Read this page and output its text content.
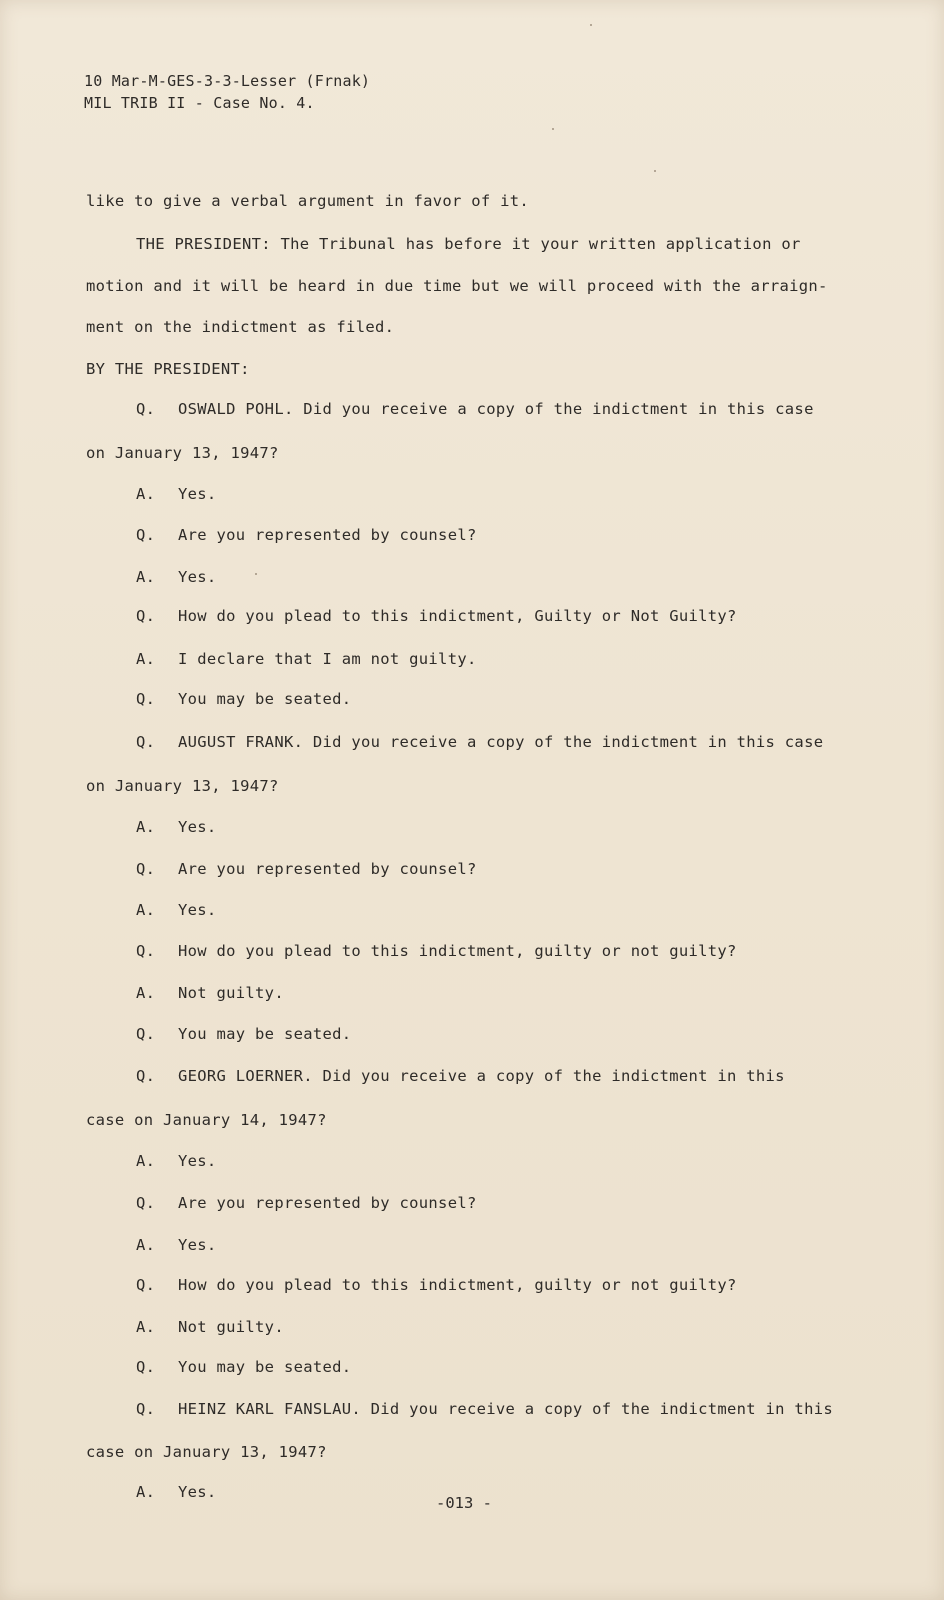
10 Mar-M-GES-3-3-Lesser (Frnak)
MIL TRIB II - Case No. 4.
like to give a verbal argument in favor of it.
THE PRESIDENT: The Tribunal has before it your written application or
motion and it will be heard in due time but we will proceed with the arraign-
ment on the indictment as filed.
BY THE PRESIDENT:
Q. OSWALD POHL. Did you receive a copy of the indictment in this case
on January 13, 1947?
A. Yes.
Q. Are you represented by counsel?
A. Yes.
Q. How do you plead to this indictment, Guilty or Not Guilty?
A. I declare that I am not guilty.
Q. You may be seated.
Q. AUGUST FRANK. Did you receive a copy of the indictment in this case
on January 13, 1947?
A. Yes.
Q. Are you represented by counsel?
A. Yes.
Q. How do you plead to this indictment, guilty or not guilty?
A. Not guilty.
Q. You may be seated.
Q. GEORG LOERNER. Did you receive a copy of the indictment in this
case on January 14, 1947?
A. Yes.
Q. Are you represented by counsel?
A. Yes.
Q. How do you plead to this indictment, guilty or not guilty?
A. Not guilty.
Q. You may be seated.
Q. HEINZ KARL FANSLAU. Did you receive a copy of the indictment in this
case on January 13, 1947?
A. Yes.
-013 -
